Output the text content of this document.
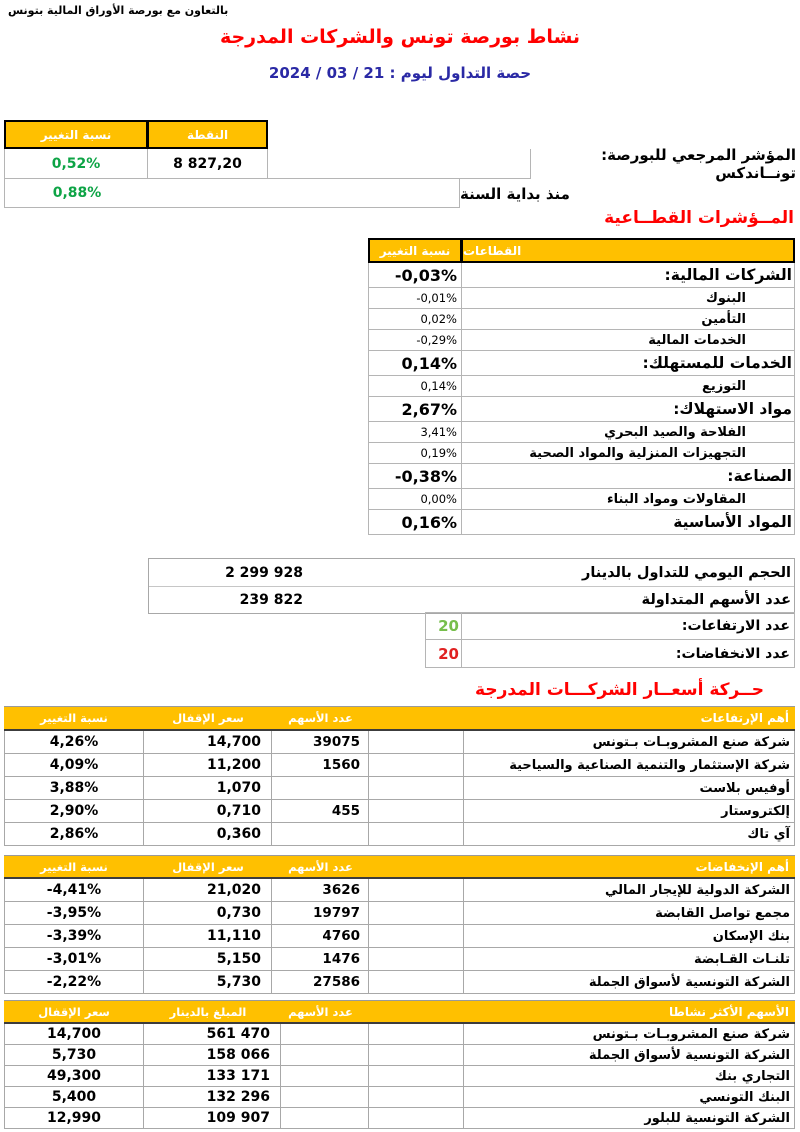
بالتعاون مع بورصة الأوراق المالية بتونس
نشاط بورصة تونس والشركات المدرجة
حصة التداول ليوم : 21 / 03 / 2024
نسبة التغيير	النقطة
0,52%	8 827,20	المؤشر المرجعي للبورصة: تونــاندكس
0,88%	منذ بداية السنة
المــؤشرات القطــاعية
نسبة التغيير	القطاعات
-0,03%	الشركات المالية:
-0,01%	البنوك
0,02%	التأمين
-0,29%	الخدمات المالية
0,14%	الخدمات للمستهلك:
0,14%	التوزيع
2,67%	مواد الاستهلاك:
3,41%	الفلاحة والصيد البحري
0,19%	التجهيزات المنزلية والمواد الصحية
-0,38%	الصناعة:
0,00%	المقاولات ومواد البناء
0,16%	المواد الأساسية
2 299 928	الحجم اليومي للتداول بالدينار
239 822	عدد الأسهم المتداولة
20	عدد الارتفاعات:
20	عدد الانخفاضات:
حــركة أسعــار الشركـــات المدرجة
نسبة التغيير	سعر الإقفال	عدد الأسهم	أهم الإرتفاعات
4,26%	14,700	39075	شركة صنع المشروبـات بـتونس
4,09%	11,200	1560	شركة الإستثمار والتنمية الصناعية والسياحية
3,88%	1,070	أوفيس بلاست
2,90%	0,710	455	إلكتروستار
2,86%	0,360	آي تاك
نسبة التغيير	سعر الإقفال	عدد الأسهم	أهم الإنخفاضات
-4,41%	21,020	3626	الشركة الدولية للإيجار المالي
-3,95%	0,730	19797	مجمع تواصل القابضة
-3,39%	11,110	4760	بنك الإسكان
-3,01%	5,150	1476	تلنـات القـابضة
-2,22%	5,730	27586	الشركة التونسية لأسواق الجملة
سعر الإقفال	المبلغ بالدينار	عدد الأسهم	الأسهم الأكثر نشاطا
14,700	561 470	شركة صنع المشروبـات بـتونس
5,730	158 066	الشركة التونسية لأسواق الجملة
49,300	133 171	التجاري بنك
5,400	132 296	البنك التونسي
12,990	109 907	الشركة التونسية للبلور
